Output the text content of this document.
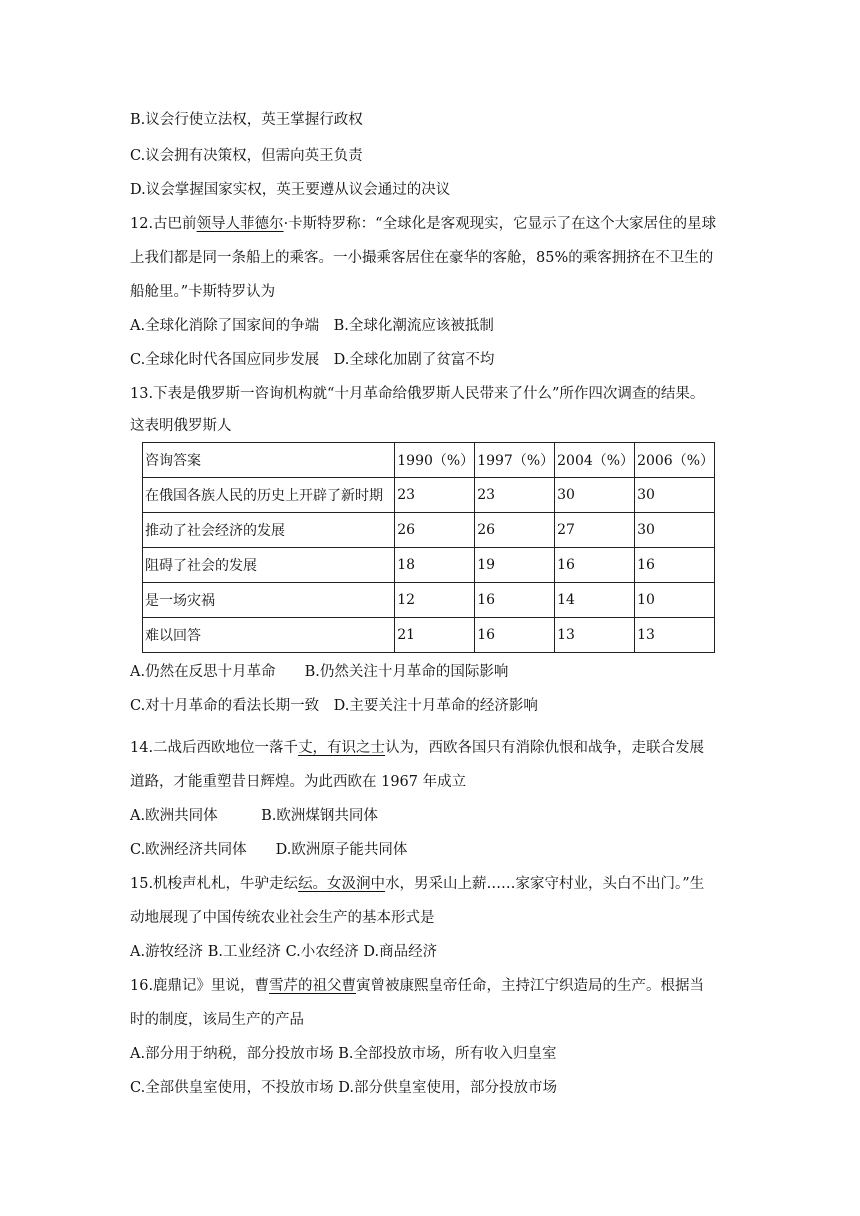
B.议会行使立法权，英王掌握行政权
C.议会拥有决策权，但需向英王负责
D.议会掌握国家实权，英王要遵从议会通过的决议
12.古巴前领导人菲德尔·卡斯特罗称：“全球化是客观现实，它显示了在这个大家居住的星球
上我们都是同一条船上的乘客。一小撮乘客居住在豪华的客舱，85%的乘客拥挤在不卫生的
船舱里。”卡斯特罗认为
A.全球化消除了国家间的争端　B.全球化潮流应该被抵制
C.全球化时代各国应同步发展　D.全球化加剧了贫富不均
13.下表是俄罗斯一咨询机构就“十月革命给俄罗斯人民带来了什么”所作四次调查的结果。
这表明俄罗斯人
咨询答案	1990（%）	1997（%）	2004（%）	2006（%）
在俄国各族人民的历史上开辟了新时期	23	23	30	30
推动了社会经济的发展	26	26	27	30
阻碍了社会的发展	18	19	16	16
是一场灾祸	12	16	14	10
难以回答	21	16	13	13
A.仍然在反思十月革命　　B.仍然关注十月革命的国际影响
C.对十月革命的看法长期一致　D.主要关注十月革命的经济影响
14.二战后西欧地位一落千丈，有识之士认为，西欧各国只有消除仇恨和战争，走联合发展
道路，才能重塑昔日辉煌。为此西欧在 1967 年成立
A.欧洲共同体　　　B.欧洲煤钢共同体
C.欧洲经济共同体　　D.欧洲原子能共同体
15.机梭声札札，牛驴走纭纭。女汲涧中水，男采山上薪……家家守村业，头白不出门。”生
动地展现了中国传统农业社会生产的基本形式是
A.游牧经济 B.工业经济 C.小农经济 D.商品经济
16.鹿鼎记》里说，曹雪芹的祖父曹寅曾被康熙皇帝任命，主持江宁织造局的生产。根据当
时的制度，该局生产的产品
A.部分用于纳税，部分投放市场 B.全部投放市场，所有收入归皇室
C.全部供皇室使用，不投放市场 D.部分供皇室使用，部分投放市场
